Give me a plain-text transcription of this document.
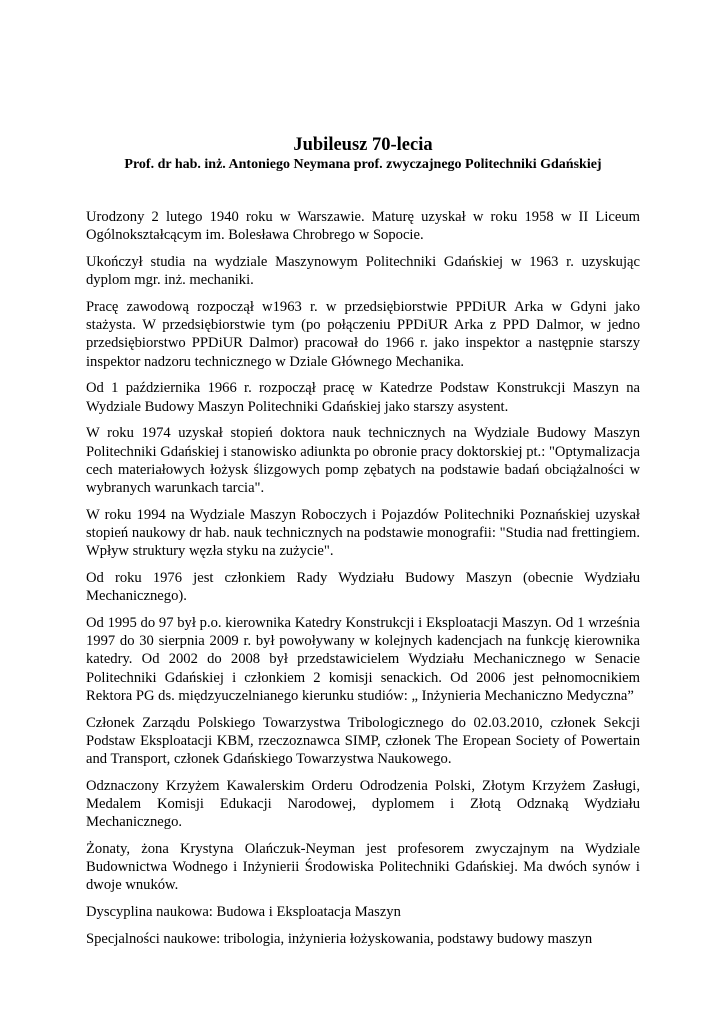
Jubileusz 70-lecia

Prof. dr hab. inż. Antoniego Neymana prof. zwyczajnego Politechniki Gdańskiej

Urodzony 2 lutego 1940 roku w Warszawie. Maturę uzyskał w roku 1958 w II Liceum Ogólnokształcącym im. Bolesława Chrobrego w Sopocie.

Ukończył studia na wydziale Maszynowym Politechniki Gdańskiej w 1963 r. uzyskując dyplom mgr. inż. mechaniki.

Pracę zawodową rozpoczął w1963 r. w przedsiębiorstwie PPDiUR Arka w Gdyni jako stażysta. W przedsiębiorstwie tym (po połączeniu PPDiUR Arka z PPD Dalmor, w jedno przedsiębiorstwo PPDiUR Dalmor) pracował do 1966 r. jako inspektor a następnie starszy inspektor nadzoru technicznego w Dziale Głównego Mechanika.

Od 1 października 1966 r. rozpoczął pracę w Katedrze Podstaw Konstrukcji Maszyn na Wydziale Budowy Maszyn Politechniki Gdańskiej jako starszy asystent.

W roku 1974 uzyskał stopień doktora nauk technicznych na Wydziale Budowy Maszyn Politechniki Gdańskiej i stanowisko adiunkta po obronie pracy doktorskiej pt.: "Optymalizacja cech materiałowych łożysk ślizgowych pomp zębatych na podstawie badań obciążalności w wybranych warunkach tarcia".

W roku 1994 na Wydziale Maszyn Roboczych i Pojazdów Politechniki Poznańskiej uzyskał stopień naukowy dr hab. nauk technicznych na podstawie monografii: "Studia nad frettingiem. Wpływ struktury węzła styku na zużycie".

Od roku 1976 jest członkiem Rady Wydziału Budowy Maszyn (obecnie Wydziału Mechanicznego).

Od 1995 do 97 był p.o. kierownika Katedry Konstrukcji i Eksploatacji Maszyn. Od 1 września 1997 do 30 sierpnia 2009 r. był powoływany w kolejnych kadencjach na funkcję kierownika katedry. Od 2002 do 2008 był przedstawicielem Wydziału Mechanicznego w Senacie Politechniki Gdańskiej i członkiem 2 komisji senackich. Od 2006 jest pełnomocnikiem Rektora PG ds. międzyuczelnianego kierunku studiów: „ Inżynieria Mechaniczno Medyczna”

Członek Zarządu Polskiego Towarzystwa Tribologicznego do 02.03.2010, członek Sekcji Podstaw Eksploatacji KBM, rzeczoznawca SIMP, członek The Eropean Society of Powertain and Transport, członek Gdańskiego Towarzystwa Naukowego.

Odznaczony Krzyżem Kawalerskim Orderu Odrodzenia Polski, Złotym Krzyżem Zasługi, Medalem Komisji Edukacji Narodowej, dyplomem i Złotą Odznaką Wydziału Mechanicznego.

Żonaty, żona Krystyna Olańczuk-Neyman jest profesorem zwyczajnym na Wydziale Budownictwa Wodnego i Inżynierii Środowiska Politechniki Gdańskiej. Ma dwóch synów i dwoje wnuków.

Dyscyplina naukowa: Budowa i Eksploatacja Maszyn

Specjalności naukowe: tribologia, inżynieria łożyskowania, podstawy budowy maszyn
